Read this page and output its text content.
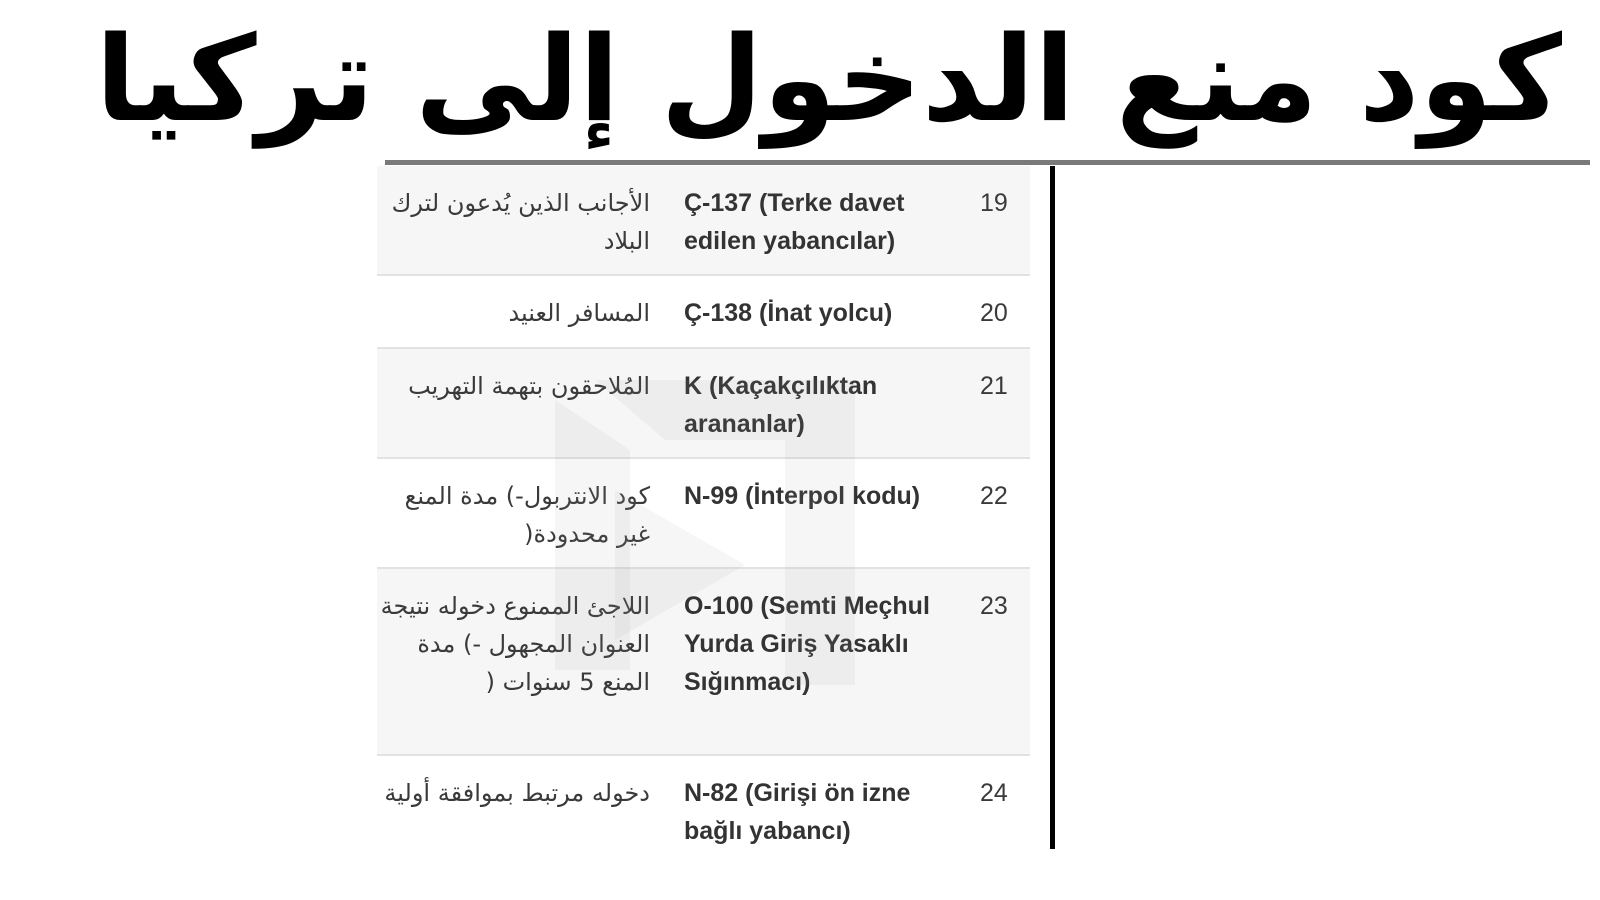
كود منع الدخول إلى تركيا
19
Ç-137 (Terke davet edilen yabancılar)
الأجانب الذين يُدعون لترك البلاد
20
Ç-138 (İnat yolcu)
المسافر العنيد
21
K (Kaçakçılıktan arananlar)
المُلاحقون بتهمة التهريب
22
N-99 (İnterpol kodu)
كود الانتربول-) مدة المنع غير محدودة(
23
O-100 (Semti Meçhul Yurda Giriş Yasaklı Sığınmacı)
اللاجئ الممنوع دخوله نتيجة العنوان المجهول -) مدة المنع 5 سنوات (
24
N-82 (Girişi ön izne bağlı yabancı)
دخوله مرتبط بموافقة أولية
